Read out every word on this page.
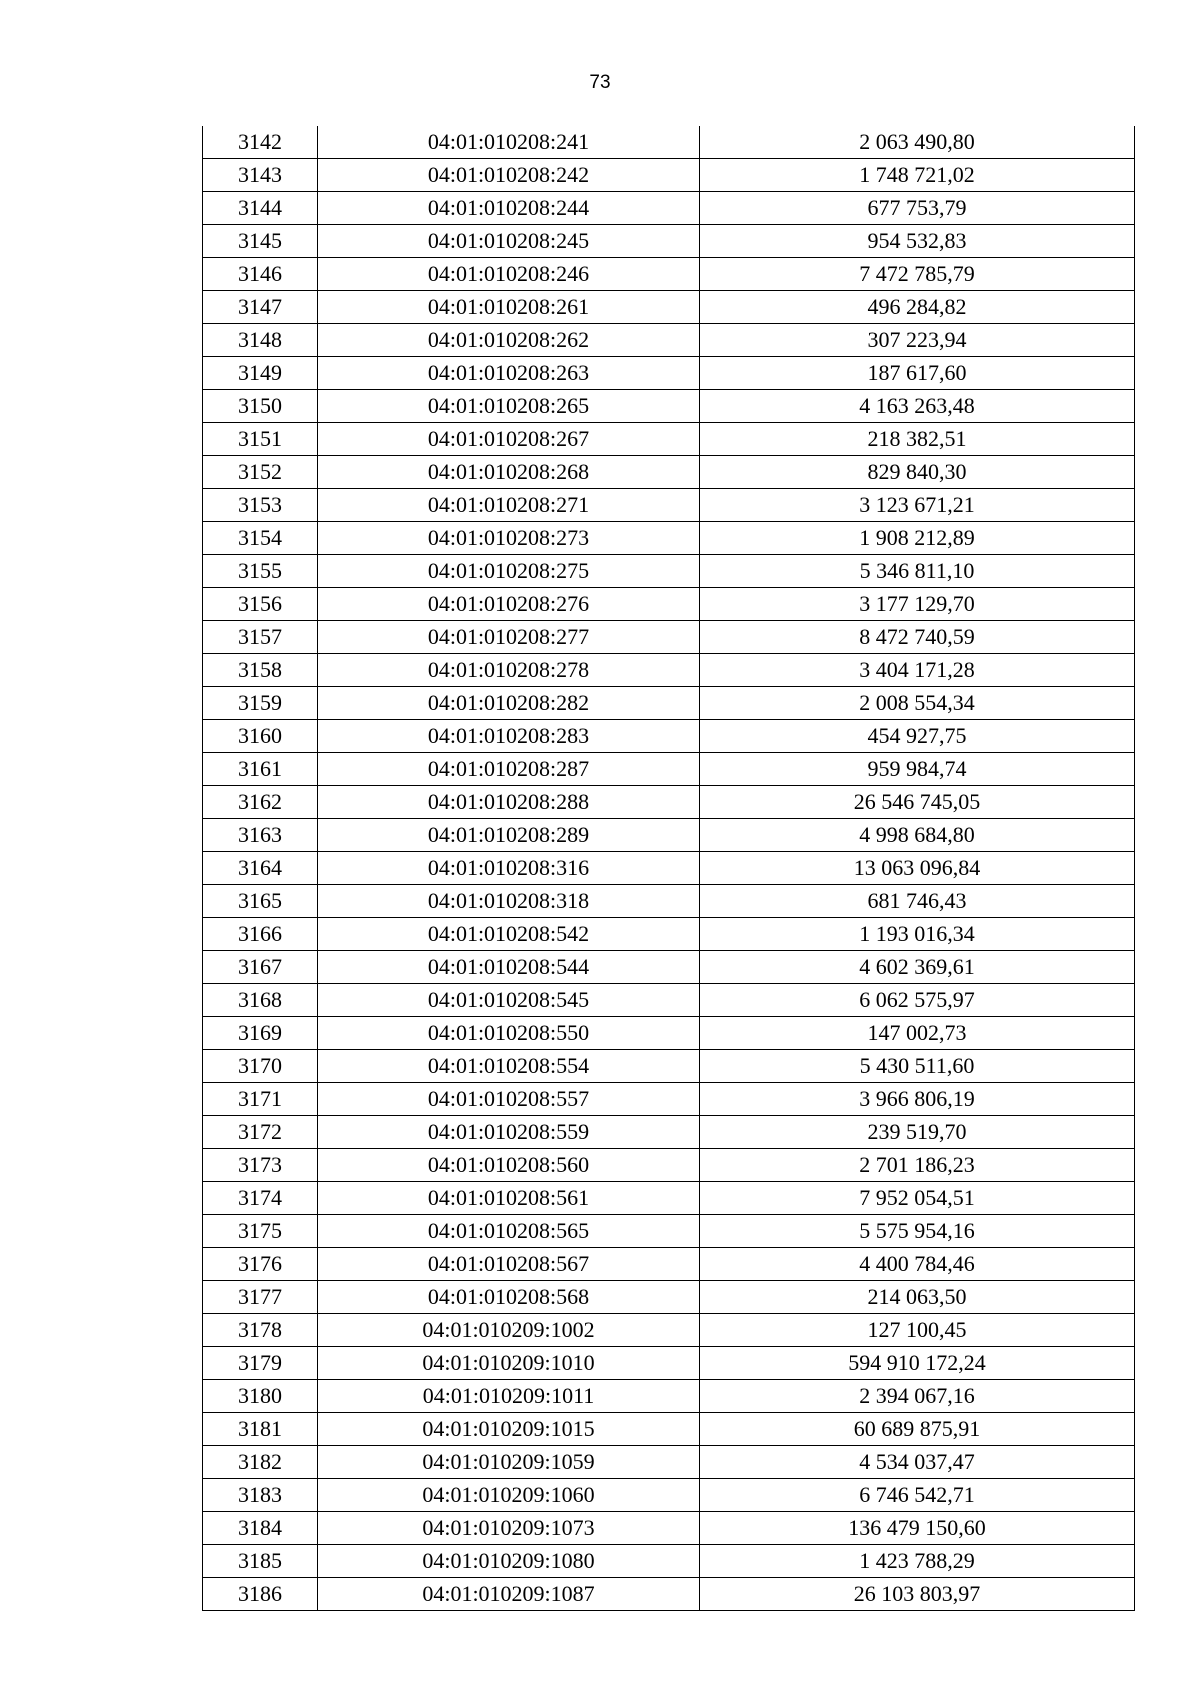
73
3142	04:01:010208:241	2 063 490,80
3143	04:01:010208:242	1 748 721,02
3144	04:01:010208:244	677 753,79
3145	04:01:010208:245	954 532,83
3146	04:01:010208:246	7 472 785,79
3147	04:01:010208:261	496 284,82
3148	04:01:010208:262	307 223,94
3149	04:01:010208:263	187 617,60
3150	04:01:010208:265	4 163 263,48
3151	04:01:010208:267	218 382,51
3152	04:01:010208:268	829 840,30
3153	04:01:010208:271	3 123 671,21
3154	04:01:010208:273	1 908 212,89
3155	04:01:010208:275	5 346 811,10
3156	04:01:010208:276	3 177 129,70
3157	04:01:010208:277	8 472 740,59
3158	04:01:010208:278	3 404 171,28
3159	04:01:010208:282	2 008 554,34
3160	04:01:010208:283	454 927,75
3161	04:01:010208:287	959 984,74
3162	04:01:010208:288	26 546 745,05
3163	04:01:010208:289	4 998 684,80
3164	04:01:010208:316	13 063 096,84
3165	04:01:010208:318	681 746,43
3166	04:01:010208:542	1 193 016,34
3167	04:01:010208:544	4 602 369,61
3168	04:01:010208:545	6 062 575,97
3169	04:01:010208:550	147 002,73
3170	04:01:010208:554	5 430 511,60
3171	04:01:010208:557	3 966 806,19
3172	04:01:010208:559	239 519,70
3173	04:01:010208:560	2 701 186,23
3174	04:01:010208:561	7 952 054,51
3175	04:01:010208:565	5 575 954,16
3176	04:01:010208:567	4 400 784,46
3177	04:01:010208:568	214 063,50
3178	04:01:010209:1002	127 100,45
3179	04:01:010209:1010	594 910 172,24
3180	04:01:010209:1011	2 394 067,16
3181	04:01:010209:1015	60 689 875,91
3182	04:01:010209:1059	4 534 037,47
3183	04:01:010209:1060	6 746 542,71
3184	04:01:010209:1073	136 479 150,60
3185	04:01:010209:1080	1 423 788,29
3186	04:01:010209:1087	26 103 803,97
